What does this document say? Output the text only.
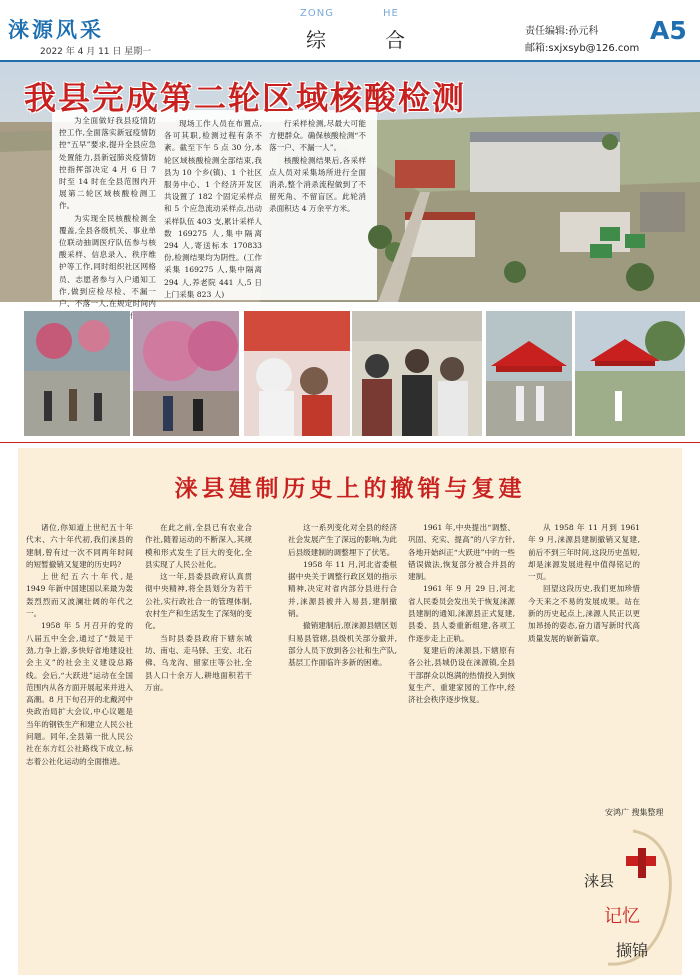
涞源风采
2022 年 4 月 11 日 星期一
ZONG	HE
综	合	责任编辑:孙元科
邮箱:sxjxsyb@126.com
A5
我县完成第二轮区域核酸检测

为全面做好我县疫情防控工作,全面落实新冠疫情防控“五早”要求,提升全县应急处置能力,县新冠肺炎疫情防控指挥部决定 4 月 6 日 7 时至 14 时在全县范围内开展第二轮区域核酸检测工作。

为实现全民核酸检测全覆盖,全县各级机关、事业单位联动抽调医疗队伍参与核酸采样、信息录入、秩序维护等工作,同时组织社区网格员、志愿者参与入户通知工作,做到应检尽检、不漏一户、不落一人,在规定时间内

现场工作人员在布置点,各可其职,检测过程有条不紊。截至下午 5 点 30 分,本轮区域核酸检测全部结束,我县为 10 个乡(镇)、1 个社区服务中心、1 个经济开发区共设置了 182 个固定采样点和 5 个应急流动采样点,出动采样队伍 403 支,累计采样人数 169275 人,集中隔离 294 人,寄送标本 170833 份,检测结果均为阴性。(工作采集 169275 人,集中隔离 294 人,养老院 441 人,5 日上门采集 823 人)

行采样检测,尽最大可能方便群众。确保核酸检测“不落一户、不漏一人”。

核酸检测结果后,各采样点人员对采集场所进行全面消杀,整个消杀流程做到了不留死角、不留盲区。此轮消杀面积达 4 万余平方米。

涞县建制历史上的撤销与复建

诸位,你知道上世纪五十年代末、六十年代初,我们涞县的建制,曾有过一次不同两年时间的短暂撤销又复建的历史吗?

上世纪五六十年代,是 1949 年新中国建国以来最为轰轰烈烈而又波澜壮阔的年代之一。

1958 年 5 月召开的党的八届五中全会,通过了“鼓足干劲,力争上游,多快好省地建设社会主义”的社会主义建设总路线。会后,“大跃进”运动在全国范围内从各方面开展起来并进入高潮。8 月下旬召开的北戴河中央政治局扩大会议,中心议题是当年的钢铁生产和建立人民公社问题。同年,全县第一批人民公社在东方红公社路线下成立,标志着公社化运动的全面推进。

在此之前,全县已有农业合作社,随着运动的不断深入,其规模和形式发生了巨大的变化,全县实现了人民公社化。

这一年,县委县政府认真贯彻中央精神,将全县划分为若干公社,实行政社合一的管理体制,农村生产和生活发生了深刻的变化。

当时县委县政府下辖东城坊、南屯、走马驿、王安、北石佛、乌龙沟、留家庄等公社,全县人口十余万人,耕地面积若干万亩。

这一系列变化对全县的经济社会发展产生了深远的影响,为此后县级建制的调整埋下了伏笔。

1958 年 11 月,河北省委根据中央关于调整行政区划的指示精神,决定对省内部分县进行合并,涞源县被并入易县,建制撤销。

撤销建制后,原涞源县辖区划归易县管辖,县级机关部分撤并,部分人员下放到各公社和生产队,基层工作面临许多新的困难。

1961 年,中央提出“调整、巩固、充实、提高”的八字方针,各地开始纠正“大跃进”中的一些错误做法,恢复部分被合并县的建制。

1961 年 9 月 29 日,河北省人民委员会发出关于恢复涞源县建制的通知,涞源县正式复建,县委、县人委重新组建,各项工作逐步走上正轨。

复建后的涞源县,下辖原有各公社,县城仍设在涞源镇,全县干部群众以饱满的热情投入到恢复生产、重建家园的工作中,经济社会秩序逐步恢复。

从 1958 年 11 月到 1961 年 9 月,涞源县建制撤销又复建,前后不到三年时间,这段历史虽短,却是涞源发展进程中值得铭记的一页。

回望这段历史,我们更加珍惜今天来之不易的发展成果。站在新的历史起点上,涞源人民正以更加昂扬的姿态,奋力谱写新时代高质量发展的崭新篇章。

安鸿广 搜集整理
涞县
记忆
撷锦
